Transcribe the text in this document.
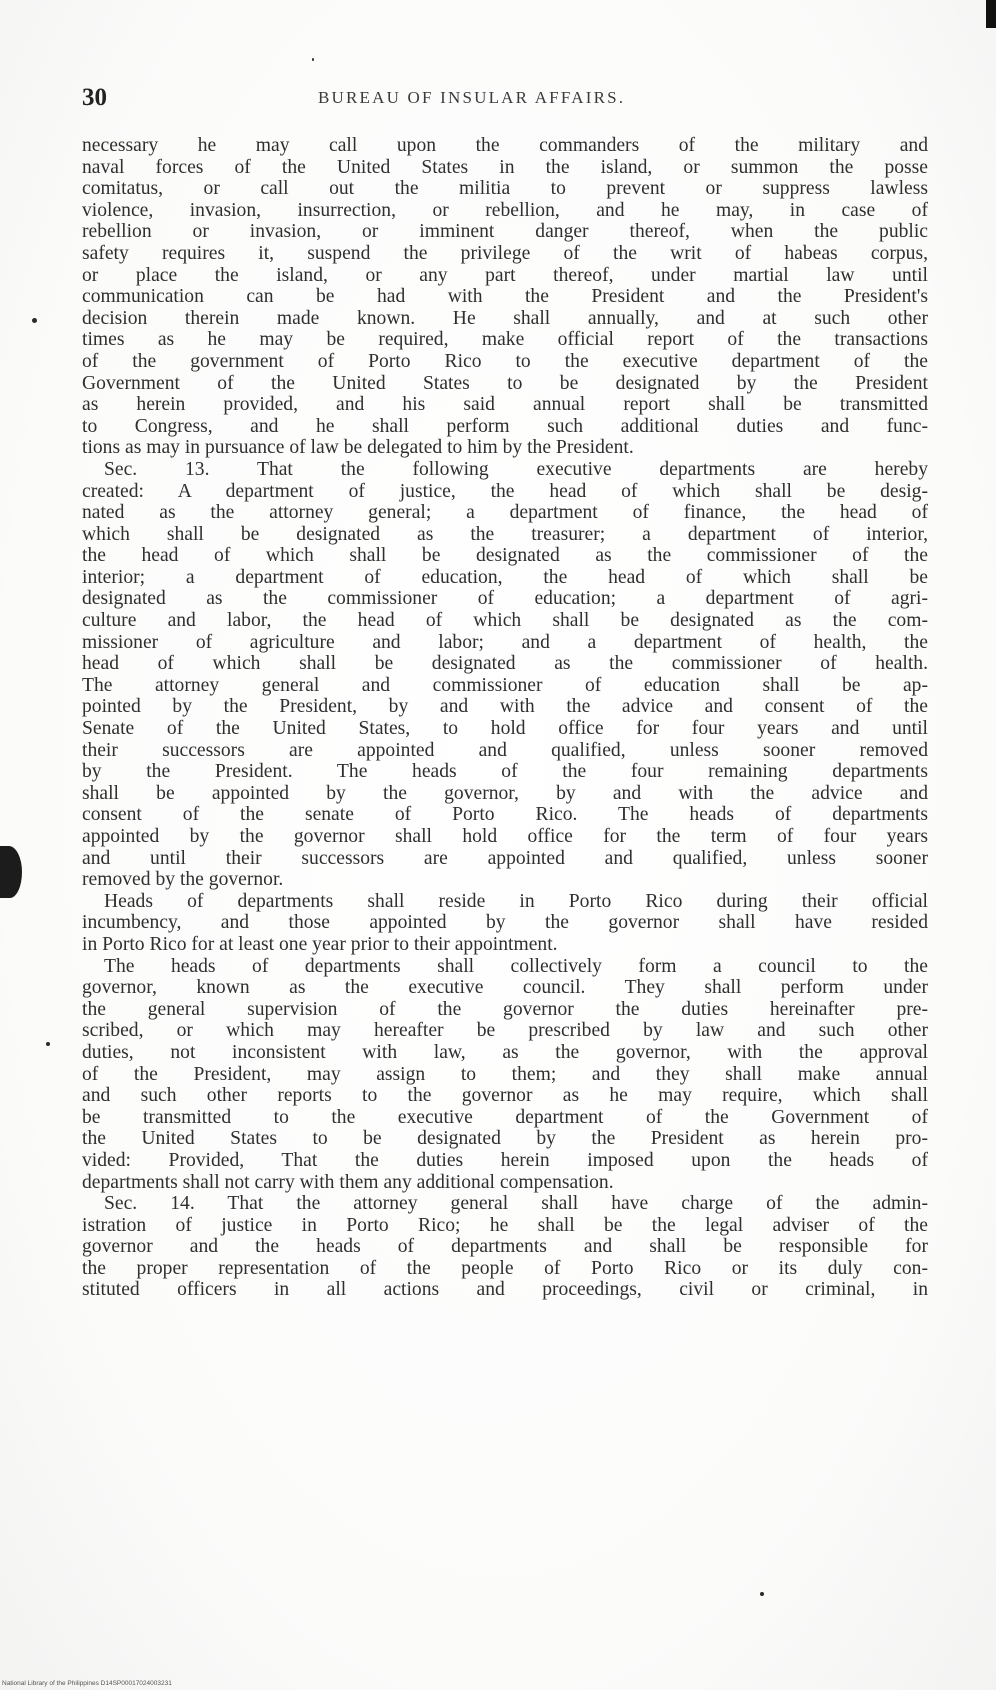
30	BUREAU OF INSULAR AFFAIRS.
necessary he may call upon the commanders of the military and
naval forces of the United States in the island, or summon the posse
comitatus, or call out the militia to prevent or suppress lawless
violence, invasion, insurrection, or rebellion, and he may, in case of
rebellion or invasion, or imminent danger thereof, when the public
safety requires it, suspend the privilege of the writ of habeas corpus,
or place the island, or any part thereof, under martial law until
communication can be had with the President and the President's
decision therein made known. He shall annually, and at such other
times as he may be required, make official report of the transactions
of the government of Porto Rico to the executive department of the
Government of the United States to be designated by the President
as herein provided, and his said annual report shall be transmitted
to Congress, and he shall perform such additional duties and func-
tions as may in pursuance of law be delegated to him by the President.
Sec. 13. That the following executive departments are hereby
created: A department of justice, the head of which shall be desig-
nated as the attorney general; a department of finance, the head of
which shall be designated as the treasurer; a department of interior,
the head of which shall be designated as the commissioner of the
interior; a department of education, the head of which shall be
designated as the commissioner of education; a department of agri-
culture and labor, the head of which shall be designated as the com-
missioner of agriculture and labor; and a department of health, the
head of which shall be designated as the commissioner of health.
The attorney general and commissioner of education shall be ap-
pointed by the President, by and with the advice and consent of the
Senate of the United States, to hold office for four years and until
their successors are appointed and qualified, unless sooner removed
by the President. The heads of the four remaining departments
shall be appointed by the governor, by and with the advice and
consent of the senate of Porto Rico. The heads of departments
appointed by the governor shall hold office for the term of four years
and until their successors are appointed and qualified, unless sooner
removed by the governor.
Heads of departments shall reside in Porto Rico during their official
incumbency, and those appointed by the governor shall have resided
in Porto Rico for at least one year prior to their appointment.
The heads of departments shall collectively form a council to the
governor, known as the executive council. They shall perform under
the general supervision of the governor the duties hereinafter pre-
scribed, or which may hereafter be prescribed by law and such other
duties, not inconsistent with law, as the governor, with the approval
of the President, may assign to them; and they shall make annual
and such other reports to the governor as he may require, which shall
be transmitted to the executive department of the Government of
the United States to be designated by the President as herein pro-
vided: Provided, That the duties herein imposed upon the heads of
departments shall not carry with them any additional compensation.
Sec. 14. That the attorney general shall have charge of the admin-
istration of justice in Porto Rico; he shall be the legal adviser of the
governor and the heads of departments and shall be responsible for
the proper representation of the people of Porto Rico or its duly con-
stituted officers in all actions and proceedings, civil or criminal, in
National Library of the Philippines D14SP00017024003231
